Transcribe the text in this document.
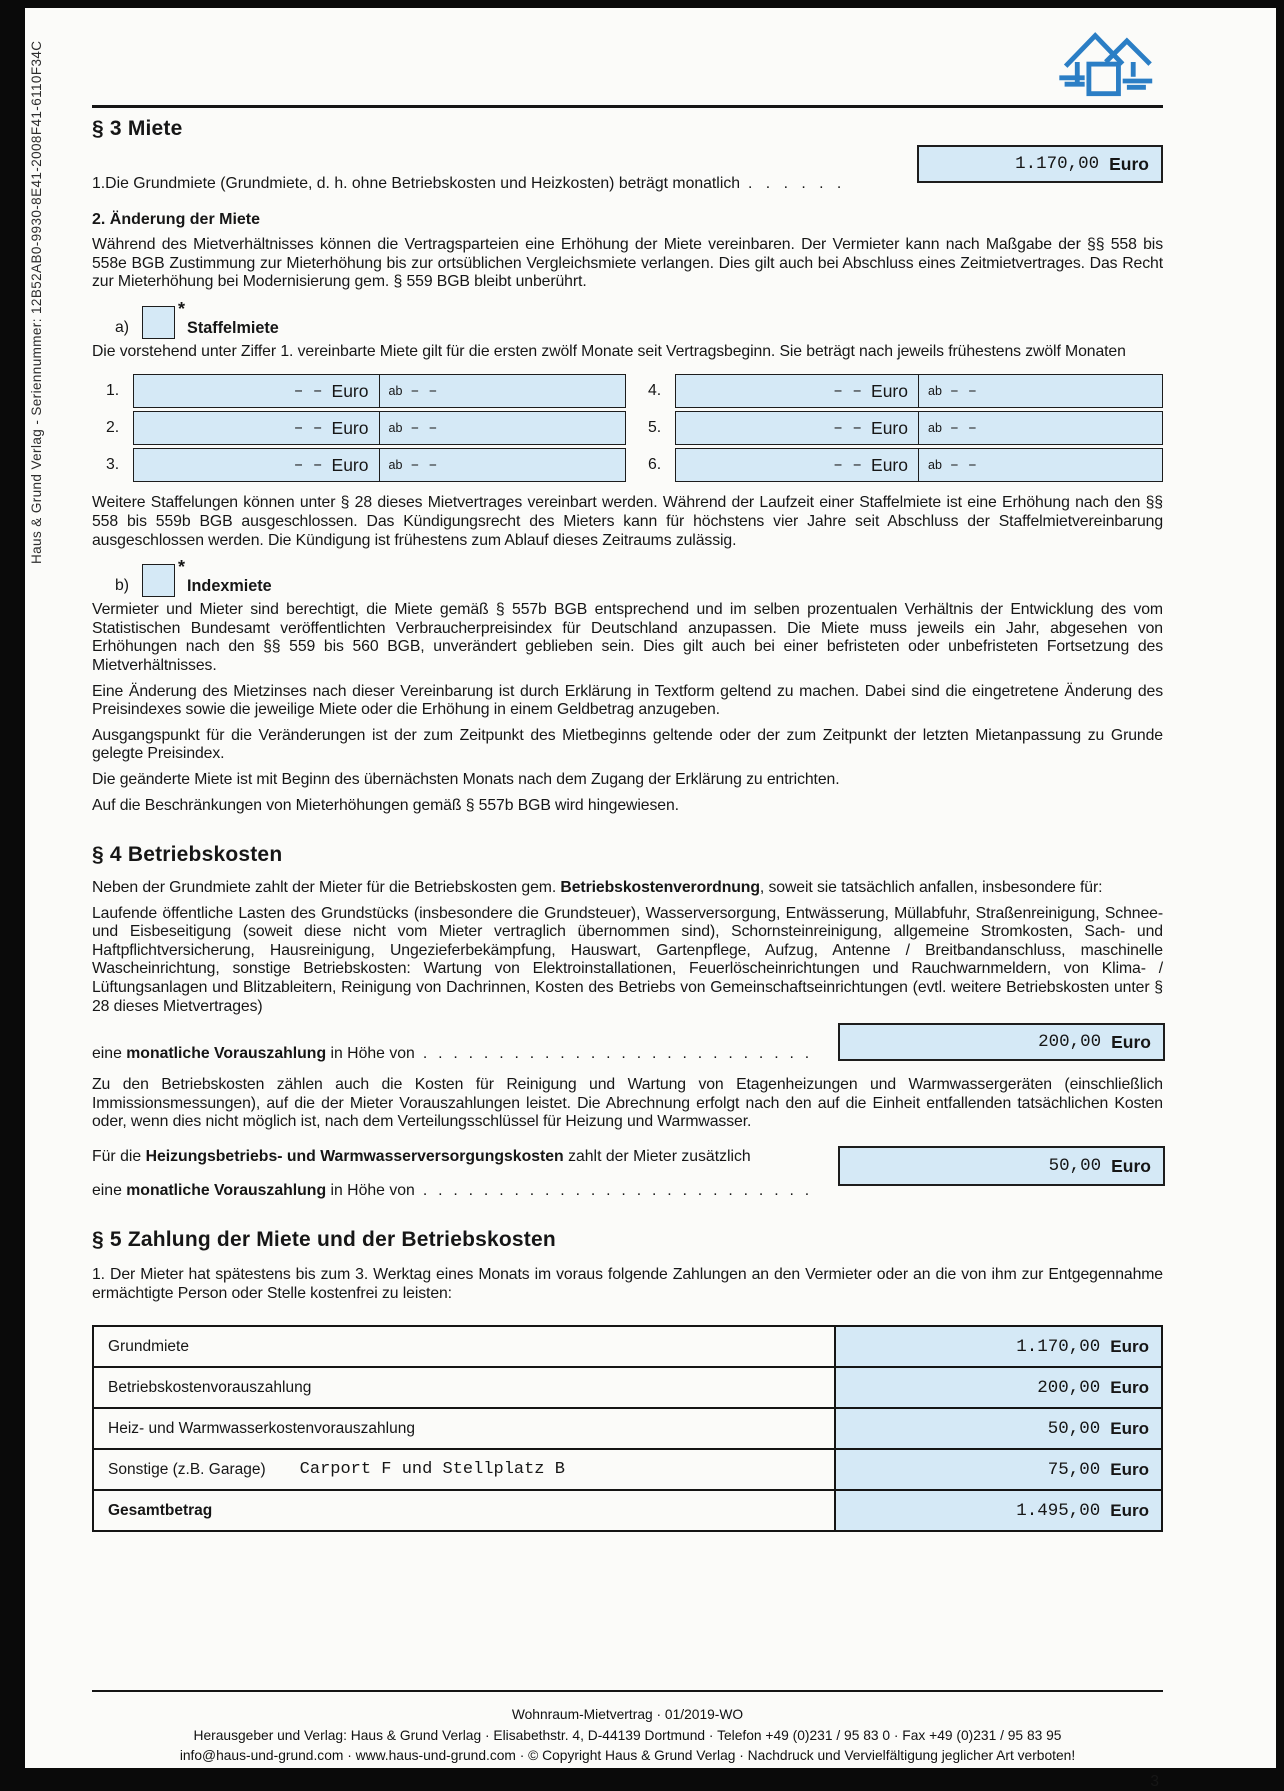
Haus & Grund Verlag - Seriennummer: 12B52AB0-9930-8E41-2008F41-6110F34C § 3 Miete
1.Die Grundmiete (Grundmiete, d. h. ohne Betriebskosten und Heizkosten) beträgt monatlich . . . . . .
1.170,00 Euro
2. Änderung der Miete

Während des Mietverhältnisses können die Vertragsparteien eine Erhöhung der Miete vereinbaren. Der Vermieter kann nach Maßgabe der §§ 558 bis 558e BGB Zustimmung zur Mieterhöhung bis zur ortsüblichen Vergleichsmiete verlangen. Dies gilt auch bei Abschluss eines Zeitmietvertrages. Das Recht zur Mieterhöhung bei Modernisierung gem. § 559 BGB bleibt unberührt.

a)
*
Staffelmiete

Die vorstehend unter Ziffer 1. vereinbarte Miete gilt für die ersten zwölf Monate seit Vertragsbeginn. Sie beträgt nach jeweils frühestens zwölf Monaten

1.	– – Euro ab – –
2.	– – Euro ab – –
3.	– – Euro ab – –
4.	– – Euro ab – –
5.	– – Euro ab – –
6.	– – Euro ab – –

Weitere Staffelungen können unter § 28 dieses Mietvertrages vereinbart werden. Während der Laufzeit einer Staffelmiete ist eine Erhöhung nach den §§ 558 bis 559b BGB ausgeschlossen. Das Kündigungsrecht des Mieters kann für höchstens vier Jahre seit Abschluss der Staffelmietvereinbarung ausgeschlossen werden. Die Kündigung ist frühestens zum Ablauf dieses Zeitraums zulässig.

b)
*
Indexmiete

Vermieter und Mieter sind berechtigt, die Miete gemäß § 557b BGB entsprechend und im selben prozentualen Verhältnis der Entwicklung des vom Statistischen Bundesamt veröffentlichten Verbraucherpreisindex für Deutschland anzupassen. Die Miete muss jeweils ein Jahr, abgesehen von Erhöhungen nach den §§ 559 bis 560 BGB, unverändert geblieben sein. Dies gilt auch bei einer befristeten oder unbefristeten Fortsetzung des Mietverhältnisses.

Eine Änderung des Mietzinses nach dieser Vereinbarung ist durch Erklärung in Textform geltend zu machen. Dabei sind die eingetretene Änderung des Preisindexes sowie die jeweilige Miete oder die Erhöhung in einem Geldbetrag anzugeben.

Ausgangspunkt für die Veränderungen ist der zum Zeitpunkt des Mietbeginns geltende oder der zum Zeitpunkt der letzten Mietanpassung zu Grunde gelegte Preisindex.

Die geänderte Miete ist mit Beginn des übernächsten Monats nach dem Zugang der Erklärung zu entrichten.

Auf die Beschränkungen von Mieterhöhungen gemäß § 557b BGB wird hingewiesen.

§ 4 Betriebskosten

Neben der Grundmiete zahlt der Mieter für die Betriebskosten gem. Betriebskostenverordnung, soweit sie tatsächlich anfallen, insbesondere für:

Laufende öffentliche Lasten des Grundstücks (insbesondere die Grundsteuer), Wasserversorgung, Entwässerung, Müllabfuhr, Straßenreinigung, Schnee- und Eisbeseitigung (soweit diese nicht vom Mieter vertraglich übernommen sind), Schornsteinreinigung, allgemeine Stromkosten, Sach- und Haftpflichtversicherung, Hausreinigung, Ungezieferbekämpfung, Hauswart, Gartenpflege, Aufzug, Antenne / Breitbandanschluss, maschinelle Wascheinrichtung, sonstige Betriebskosten: Wartung von Elektroinstallationen, Feuerlöscheinrichtungen und Rauchwarnmeldern, von Klima- / Lüftungsanlagen und Blitzableitern, Reinigung von Dachrinnen, Kosten des Betriebs von Gemeinschaftseinrichtungen (evtl. weitere Betriebskosten unter § 28 dieses Mietvertrages)

eine monatliche Vorauszahlung in Höhe von . . . . . . . . . . . . . . . . . . . . . . . . . .
200,00 Euro

Zu den Betriebskosten zählen auch die Kosten für Reinigung und Wartung von Etagenheizungen und Warmwassergeräten (einschließlich Immissionsmessungen), auf die der Mieter Vorauszahlungen leistet. Die Abrechnung erfolgt nach den auf die Einheit entfallenden tatsächlichen Kosten oder, wenn dies nicht möglich ist, nach dem Verteilungsschlüssel für Heizung und Warmwasser.

Für die Heizungsbetriebs- und Warmwasserversorgungskosten zahlt der Mieter zusätzlich
eine monatliche Vorauszahlung in Höhe von . . . . . . . . . . . . . . . . . . . . . . . . . .
50,00 Euro
§ 5 Zahlung der Miete und der Betriebskosten

1. Der Mieter hat spätestens bis zum 3. Werktag eines Monats im voraus folgende Zahlungen an den Vermieter oder an die von ihm zur Entgegennahme ermächtigte Person oder Stelle kostenfrei zu leisten:

Grundmiete	1.170,00 Euro
Betriebskostenvorauszahlung	200,00 Euro
Heiz- und Warmwasserkostenvorauszahlung	50,00 Euro
Sonstige (z.B. Garage) Carport F und Stellplatz B	75,00 Euro
Gesamtbetrag	1.495,00 Euro
Wohnraum-Mietvertrag · 01/2019-WO
Herausgeber und Verlag: Haus & Grund Verlag · Elisabethstr. 4, D-44139 Dortmund · Telefon +49 (0)231 / 95 83 0 · Fax +49 (0)231 / 95 83 95
info@haus-und-grund.com · www.haus-und-grund.com · © Copyright Haus & Grund Verlag · Nachdruck und Vervielfältigung jeglicher Art verboten!
3
